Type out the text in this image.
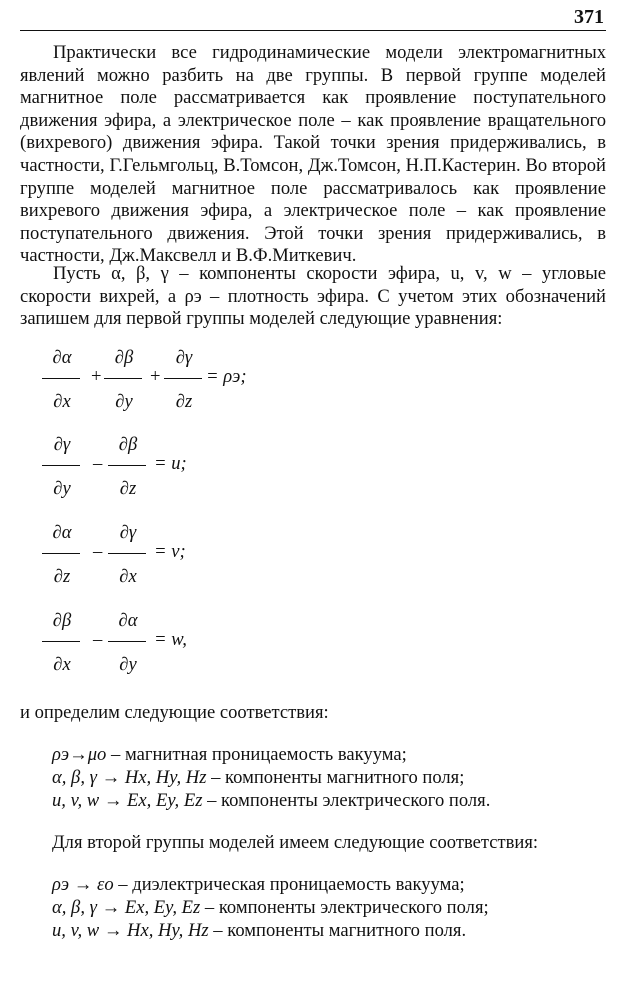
371

Практически все гидродинамические модели электромагнитных явлений можно разбить на две группы. В первой группе моделей магнитное поле рассматривается как проявление поступательного движения эфира, а электрическое поле – как проявление вращательного (вихревого) движения эфира. Такой точки зрения придерживались, в частности, Г.Гельмгольц, В.Томсон, Дж.Томсон, Н.П.Кастерин. Во второй группе моделей магнитное поле рассматривалось как проявление вихревого движения эфира, а электрическое поле – как проявление поступательного движения. Этой точки зрения придерживались, в частности, Дж.Максвелл и В.Ф.Миткевич.

Пусть α, β, γ – компоненты скорости эфира, u, v, w – угловые скорости вихрей, а ρэ – плотность эфира. С учетом этих обозначений запишем для первой группы моделей следующие уравнения:

∂α
∂x
+
∂β
∂y
+
∂γ
∂z
= ρэ;
∂γ
∂y
–
∂β
∂z
= u;
∂α
∂z
–
∂γ
∂x
= v;
∂β
∂x
–
∂α
∂y
= w,
и определим следующие соответствия:
ρэ→μo – магнитная проницаемость вакуума;
α, β, γ → Hx, Hy, Hz – компоненты магнитного поля;
u, v, w → Ex, Ey, Ez – компоненты электрического поля.
Для второй группы моделей имеем следующие соответствия:
ρэ → εo – диэлектрическая проницаемость вакуума;
α, β, γ → Ex, Ey, Ez – компоненты электрического поля;
u, v, w → Hx, Hy, Hz – компоненты магнитного поля.
